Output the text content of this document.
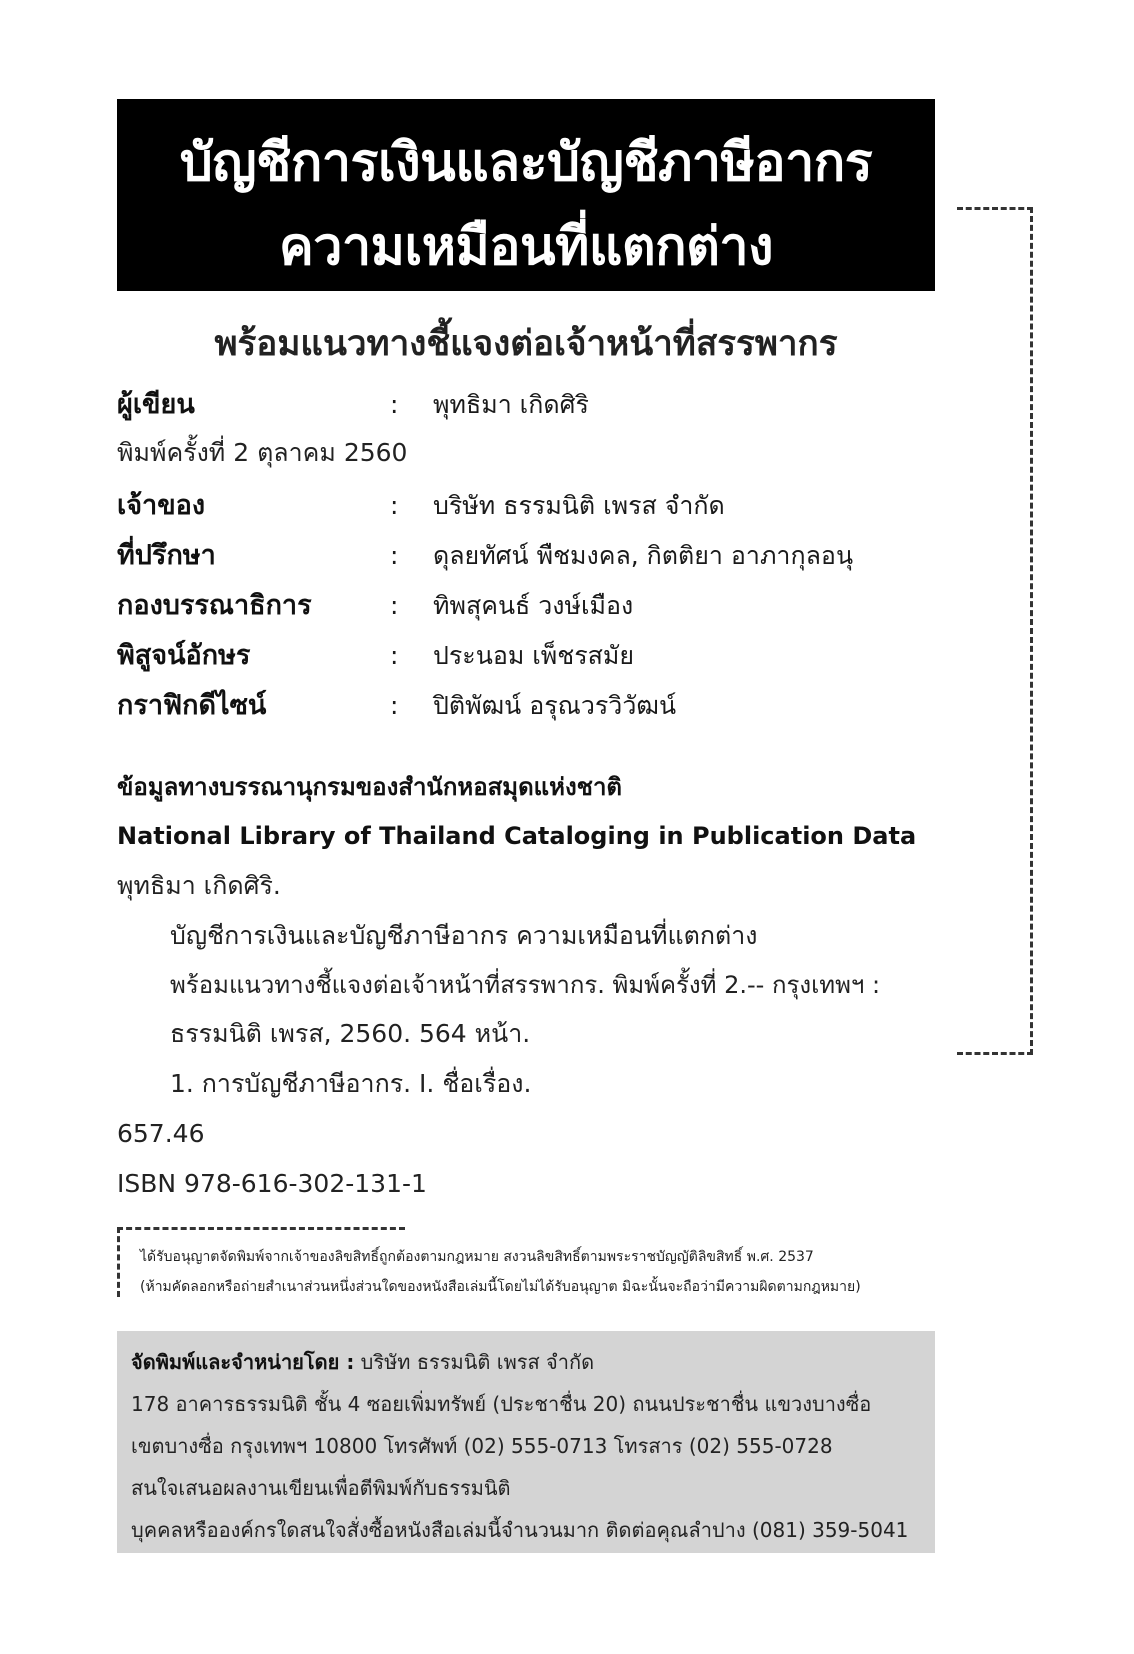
บัญชีการเงินและบัญชีภาษีอากร
ความเหมือนที่แตกต่าง
พร้อมแนวทางชี้แจงต่อเจ้าหน้าที่สรรพากร
ผู้เขียน	: พุทธิมา เกิดศิริ
พิมพ์ครั้งที่ 2 ตุลาคม 2560
เจ้าของ	: บริษัท ธรรมนิติ เพรส จำกัด
ที่ปรึกษา	: ดุลยทัศน์ พืชมงคล, กิตติยา อาภากุลอนุ
กองบรรณาธิการ	: ทิพสุคนธ์ วงษ์เมือง
พิสูจน์อักษร	: ประนอม เพ็ชรสมัย
กราฟิกดีไซน์	: ปิติพัฒน์ อรุณวรวิวัฒน์
ข้อมูลทางบรรณานุกรมของสำนักหอสมุดแห่งชาติ
National Library of Thailand Cataloging in Publication Data
พุทธิมา เกิดศิริ.
บัญชีการเงินและบัญชีภาษีอากร ความเหมือนที่แตกต่าง
พร้อมแนวทางชี้แจงต่อเจ้าหน้าที่สรรพากร. พิมพ์ครั้งที่ 2.-- กรุงเทพฯ :
ธรรมนิติ เพรส, 2560. 564 หน้า.
1. การบัญชีภาษีอากร. I. ชื่อเรื่อง.
657.46
ISBN 978-616-302-131-1
ได้รับอนุญาตจัดพิมพ์จากเจ้าของลิขสิทธิ์ถูกต้องตามกฎหมาย สงวนลิขสิทธิ์ตามพระราชบัญญัติลิขสิทธิ์ พ.ศ. 2537
(ห้ามคัดลอกหรือถ่ายสำเนาส่วนหนึ่งส่วนใดของหนังสือเล่มนี้โดยไม่ได้รับอนุญาต มิฉะนั้นจะถือว่ามีความผิดตามกฎหมาย)
จัดพิมพ์และจำหน่ายโดย : บริษัท ธรรมนิติ เพรส จำกัด
178 อาคารธรรมนิติ ชั้น 4 ซอยเพิ่มทรัพย์ (ประชาชื่น 20) ถนนประชาชื่น แขวงบางซื่อ
เขตบางซื่อ กรุงเทพฯ 10800 โทรศัพท์ (02) 555-0713 โทรสาร (02) 555-0728
สนใจเสนอผลงานเขียนเพื่อตีพิมพ์กับธรรมนิติ
บุคคลหรือองค์กรใดสนใจสั่งซื้อหนังสือเล่มนี้จำนวนมาก ติดต่อคุณลำปาง (081) 359-5041
